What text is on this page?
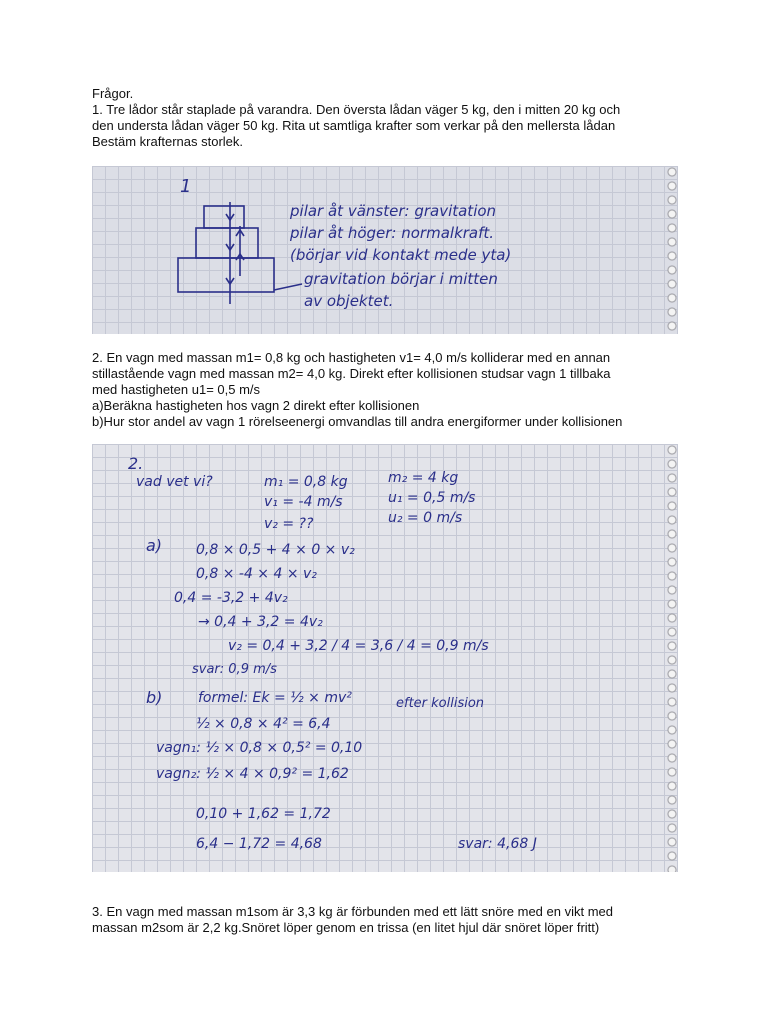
Frågor.

1. Tre lådor står staplade på varandra. Den översta lådan väger 5 kg, den i mitten 20 kg och

den understa lådan väger 50 kg. Rita ut samtliga krafter som verkar på den mellersta lådan

Bestäm krafternas storlek.

1
pilar åt vänster: gravitation
pilar åt höger: normalkraft.
(börjar vid kontakt mede yta)
gravitation börjar i mitten
av objektet.

2. En vagn med massan m1= 0,8 kg och hastigheten v1= 4,0 m/s kolliderar med en annan

stillastående vagn med massan m2= 4,0 kg. Direkt efter kollisionen studsar vagn 1 tillbaka

med hastigheten u1= 0,5 m/s

a)Beräkna hastigheten hos vagn 2 direkt efter kollisionen

b)Hur stor andel av vagn 1 rörelseenergi omvandlas till andra energiformer under kollisionen

2.
vad vet vi?	m₁ = 0,8 kg
v₁ = -4 m/s
v₂ = ??
m₂ = 4 kg
u₁ = 0,5 m/s
u₂ = 0 m/s
a) 0,8 × 0,5 + 4 × 0 × v₂
0,8 × -4 × 4 × v₂
0,4 = -3,2 + 4v₂
→ 0,4 + 3,2 = 4v₂
v₂ = 0,4 + 3,2 / 4 = 3,6 / 4 = 0,9 m/s
svar: 0,9 m/s
b)	formel: Ek = ½ × mv²	efter kollision
½ × 0,8 × 4² = 6,4
vagn₁: ½ × 0,8 × 0,5² = 0,10
vagn₂: ½ × 4 × 0,9² = 1,62
0,10 + 1,62 = 1,72
6,4 − 1,72 = 4,68	svar: 4,68 J

3. En vagn med massan m1som är 3,3 kg är förbunden med ett lätt snöre med en vikt med

massan m2som är 2,2 kg.Snöret löper genom en trissa (en litet hjul där snöret löper fritt)
